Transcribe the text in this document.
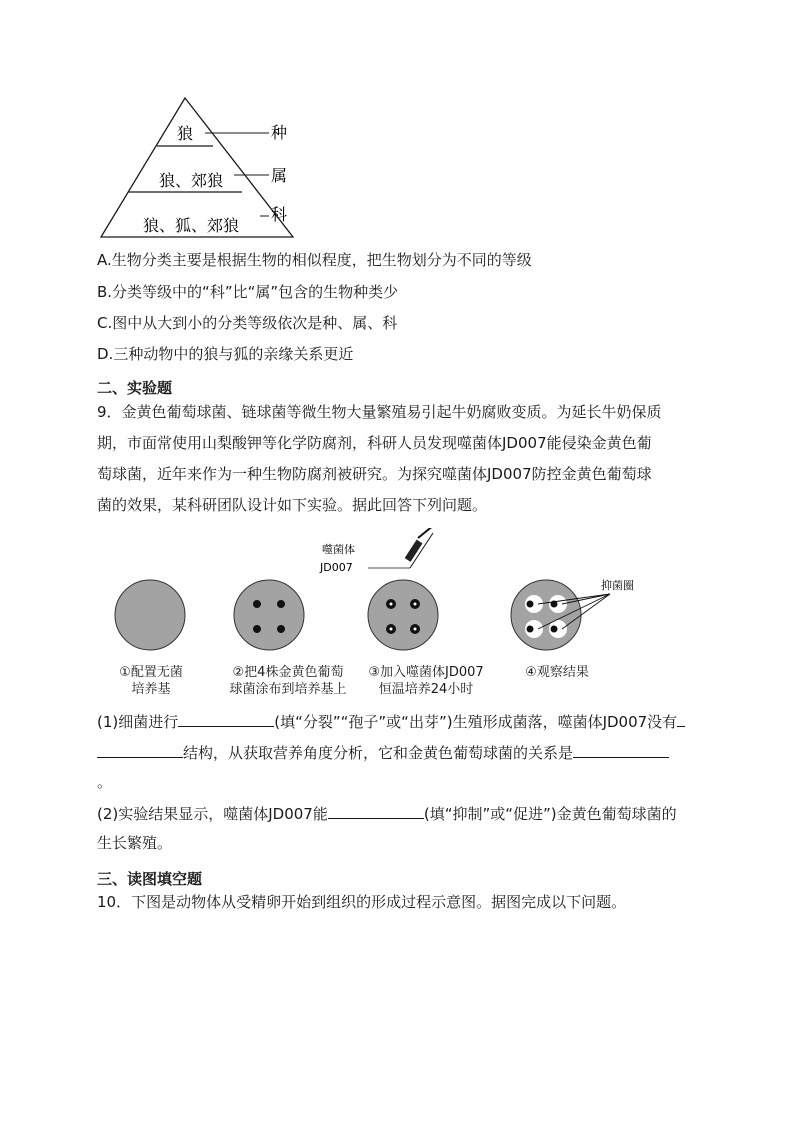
狼
狼、郊狼
狼、狐、郊狼
种
属
科
A.生物分类主要是根据生物的相似程度，把生物划分为不同的等级
B.分类等级中的“科”比“属”包含的生物种类少
C.图中从大到小的分类等级依次是种、属、科
D.三种动物中的狼与狐的亲缘关系更近
二、实验题
9．金黄色葡萄球菌、链球菌等微生物大量繁殖易引起牛奶腐败变质。为延长牛奶保质
期，市面常使用山梨酸钾等化学防腐剂，科研人员发现噬菌体JD007能侵染金黄色葡
萄球菌，近年来作为一种生物防腐剂被研究。为探究噬菌体JD007防控金黄色葡萄球
菌的效果，某科研团队设计如下实验。据此回答下列问题。
噬菌体
JD007
抑菌圈
①配置无菌
培养基
②把4株金黄色葡萄
球菌涂布到培养基上
③加入噬菌体JD007
恒温培养24小时
④观察结果
(1)细菌进行	(填“分裂”“孢子”或“出芽”)生殖形成菌落，噬菌体JD007没有
结构，从获取营养角度分析，它和金黄色葡萄球菌的关系是
。
(2)实验结果显示，噬菌体JD007能	(填“抑制”或“促进”)金黄色葡萄球菌的
生长繁殖。
三、读图填空题
10．下图是动物体从受精卵开始到组织的形成过程示意图。据图完成以下问题。
